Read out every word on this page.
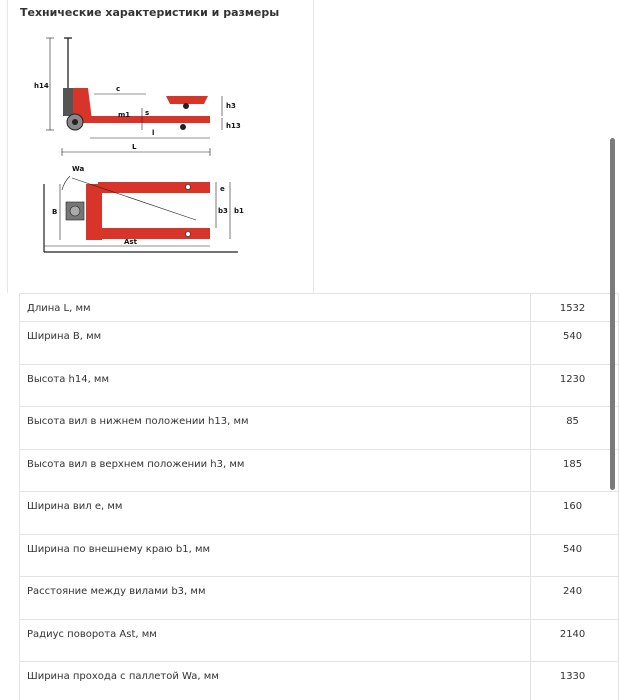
Технические характеристики и размеры
h14	c
m1 s
h3
h13
l
L
Wa
B
e
b3 b1
Ast
Длина L, мм	1532
Ширина B, мм	540
Высота h14, мм	1230
Высота вил в нижнем положении h13, мм	85
Высота вил в верхнем положении h3, мм	185
Ширина вил e, мм	160
Ширина по внешнему краю b1, мм	540
Расстояние между вилами b3, мм	240
Радиус поворота Ast, мм	2140
Ширина прохода с паллетой Wa, мм	1330
